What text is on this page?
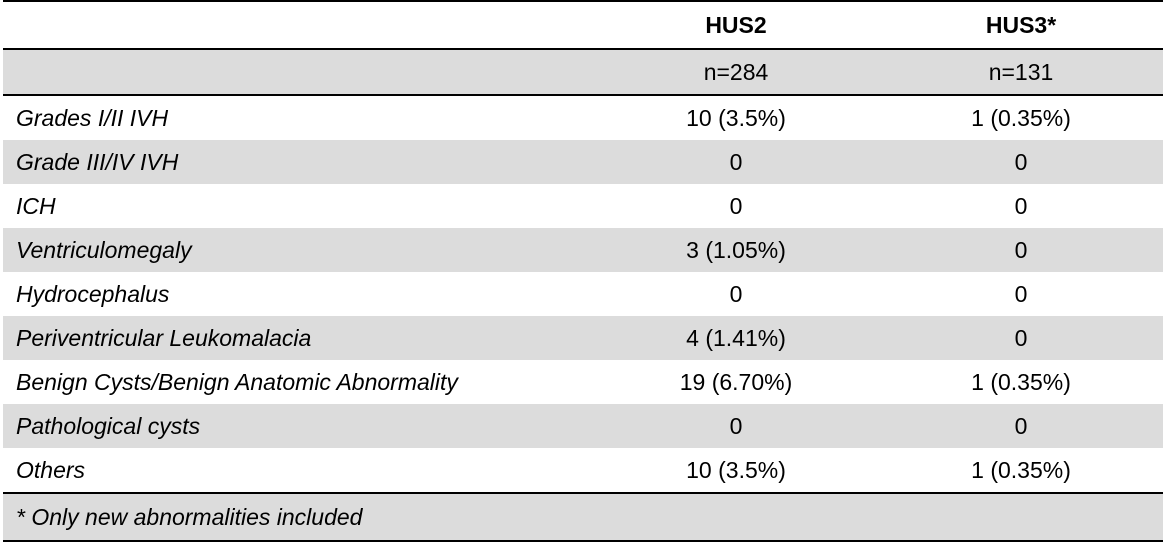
	HUS2	HUS3*
	n=284	n=131
Grades I/II IVH	10 (3.5%)	1 (0.35%)
Grade III/IV IVH	0	0
ICH	0	0
Ventriculomegaly	3 (1.05%)	0
Hydrocephalus	0	0
Periventricular Leukomalacia	4 (1.41%)	0
Benign Cysts/Benign Anatomic Abnormality	19 (6.70%)	1 (0.35%)
Pathological cysts	0	0
Others	10 (3.5%)	1 (0.35%)
* Only new abnormalities included		
